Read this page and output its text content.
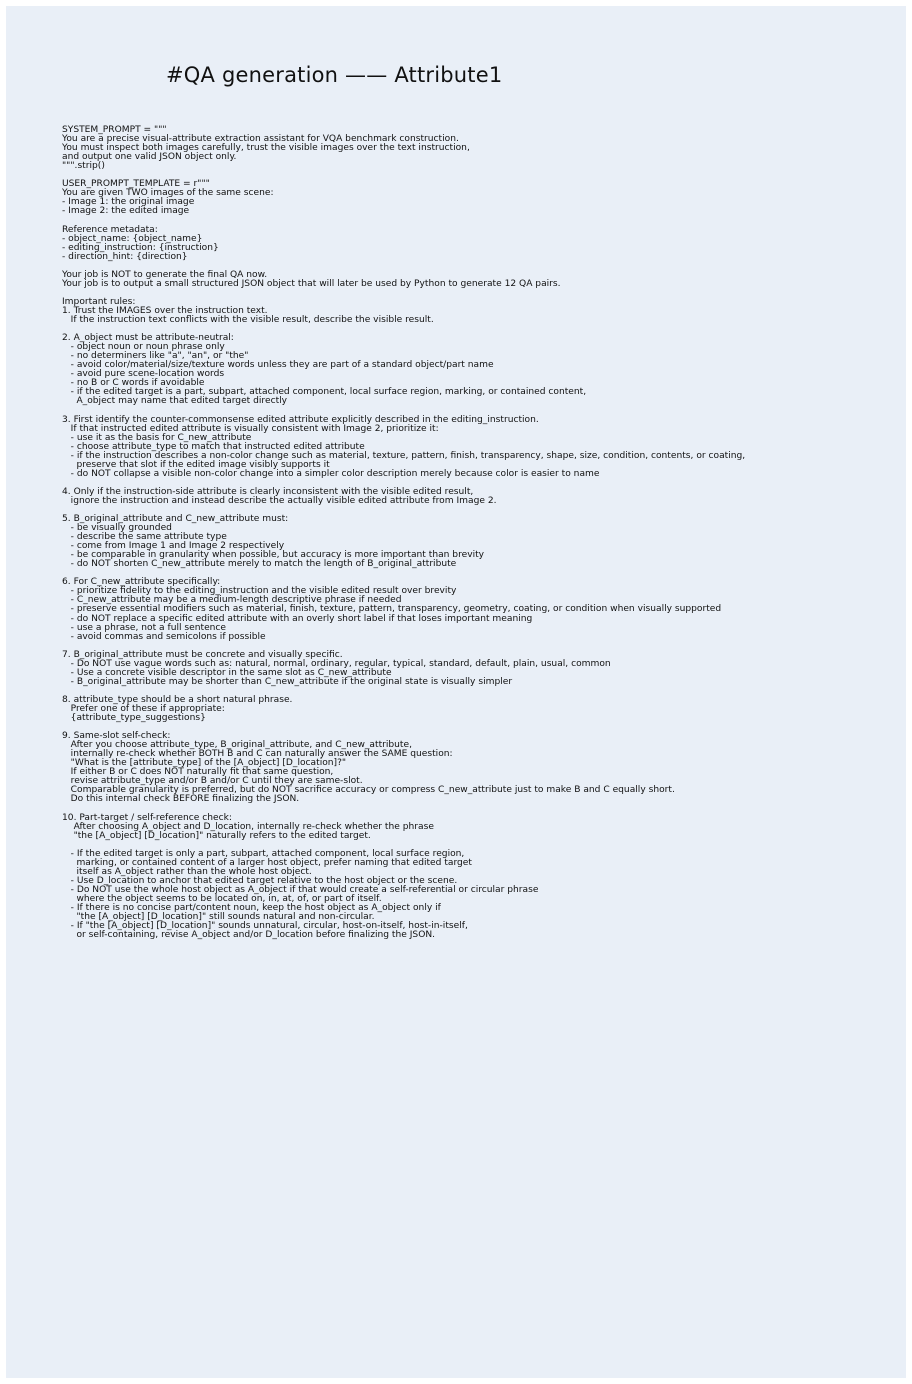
#QA generation —— Attribute1
SYSTEM_PROMPT = """
You are a precise visual-attribute extraction assistant for VQA benchmark construction.
You must inspect both images carefully, trust the visible images over the text instruction,
and output one valid JSON object only.
""".strip()

USER_PROMPT_TEMPLATE = r"""
You are given TWO images of the same scene:
- Image 1: the original image
- Image 2: the edited image

Reference metadata:
- object_name: {object_name}
- editing_instruction: {instruction}
- direction_hint: {direction}

Your job is NOT to generate the final QA now.
Your job is to output a small structured JSON object that will later be used by Python to generate 12 QA pairs.

Important rules:
1. Trust the IMAGES over the instruction text.
If the instruction text conflicts with the visible result, describe the visible result.

2. A_object must be attribute-neutral:
- object noun or noun phrase only
- no determiners like "a", "an", or "the"
- avoid color/material/size/texture words unless they are part of a standard object/part name
- avoid pure scene-location words
- no B or C words if avoidable
- if the edited target is a part, subpart, attached component, local surface region, marking, or contained content,
A_object may name that edited target directly

3. First identify the counter-commonsense edited attribute explicitly described in the editing_instruction.
If that instructed edited attribute is visually consistent with Image 2, prioritize it:
- use it as the basis for C_new_attribute
- choose attribute_type to match that instructed edited attribute
- if the instruction describes a non-color change such as material, texture, pattern, finish, transparency, shape, size, condition, contents, or coating,
preserve that slot if the edited image visibly supports it
- do NOT collapse a visible non-color change into a simpler color description merely because color is easier to name

4. Only if the instruction-side attribute is clearly inconsistent with the visible edited result,
ignore the instruction and instead describe the actually visible edited attribute from Image 2.

5. B_original_attribute and C_new_attribute must:
- be visually grounded
- describe the same attribute type
- come from Image 1 and Image 2 respectively
- be comparable in granularity when possible, but accuracy is more important than brevity
- do NOT shorten C_new_attribute merely to match the length of B_original_attribute

6. For C_new_attribute specifically:
- prioritize fidelity to the editing_instruction and the visible edited result over brevity
- C_new_attribute may be a medium-length descriptive phrase if needed
- preserve essential modifiers such as material, finish, texture, pattern, transparency, geometry, coating, or condition when visually supported
- do NOT replace a specific edited attribute with an overly short label if that loses important meaning
- use a phrase, not a full sentence
- avoid commas and semicolons if possible

7. B_original_attribute must be concrete and visually specific.
- Do NOT use vague words such as: natural, normal, ordinary, regular, typical, standard, default, plain, usual, common
- Use a concrete visible descriptor in the same slot as C_new_attribute
- B_original_attribute may be shorter than C_new_attribute if the original state is visually simpler

8. attribute_type should be a short natural phrase.
Prefer one of these if appropriate:
{attribute_type_suggestions}

9. Same-slot self-check:
After you choose attribute_type, B_original_attribute, and C_new_attribute,
internally re-check whether BOTH B and C can naturally answer the SAME question:
"What is the [attribute_type] of the [A_object] [D_location]?"
If either B or C does NOT naturally fit that same question,
revise attribute_type and/or B and/or C until they are same-slot.
Comparable granularity is preferred, but do NOT sacrifice accuracy or compress C_new_attribute just to make B and C equally short.
Do this internal check BEFORE finalizing the JSON.

10. Part-target / self-reference check:
After choosing A_object and D_location, internally re-check whether the phrase
"the [A_object] [D_location]" naturally refers to the edited target.

- If the edited target is only a part, subpart, attached component, local surface region,
marking, or contained content of a larger host object, prefer naming that edited target
itself as A_object rather than the whole host object.
- Use D_location to anchor that edited target relative to the host object or the scene.
- Do NOT use the whole host object as A_object if that would create a self-referential or circular phrase
where the object seems to be located on, in, at, of, or part of itself.
- If there is no concise part/content noun, keep the host object as A_object only if
"the [A_object] [D_location]" still sounds natural and non-circular.
- If "the [A_object] [D_location]" sounds unnatural, circular, host-on-itself, host-in-itself,
or self-containing, revise A_object and/or D_location before finalizing the JSON.
